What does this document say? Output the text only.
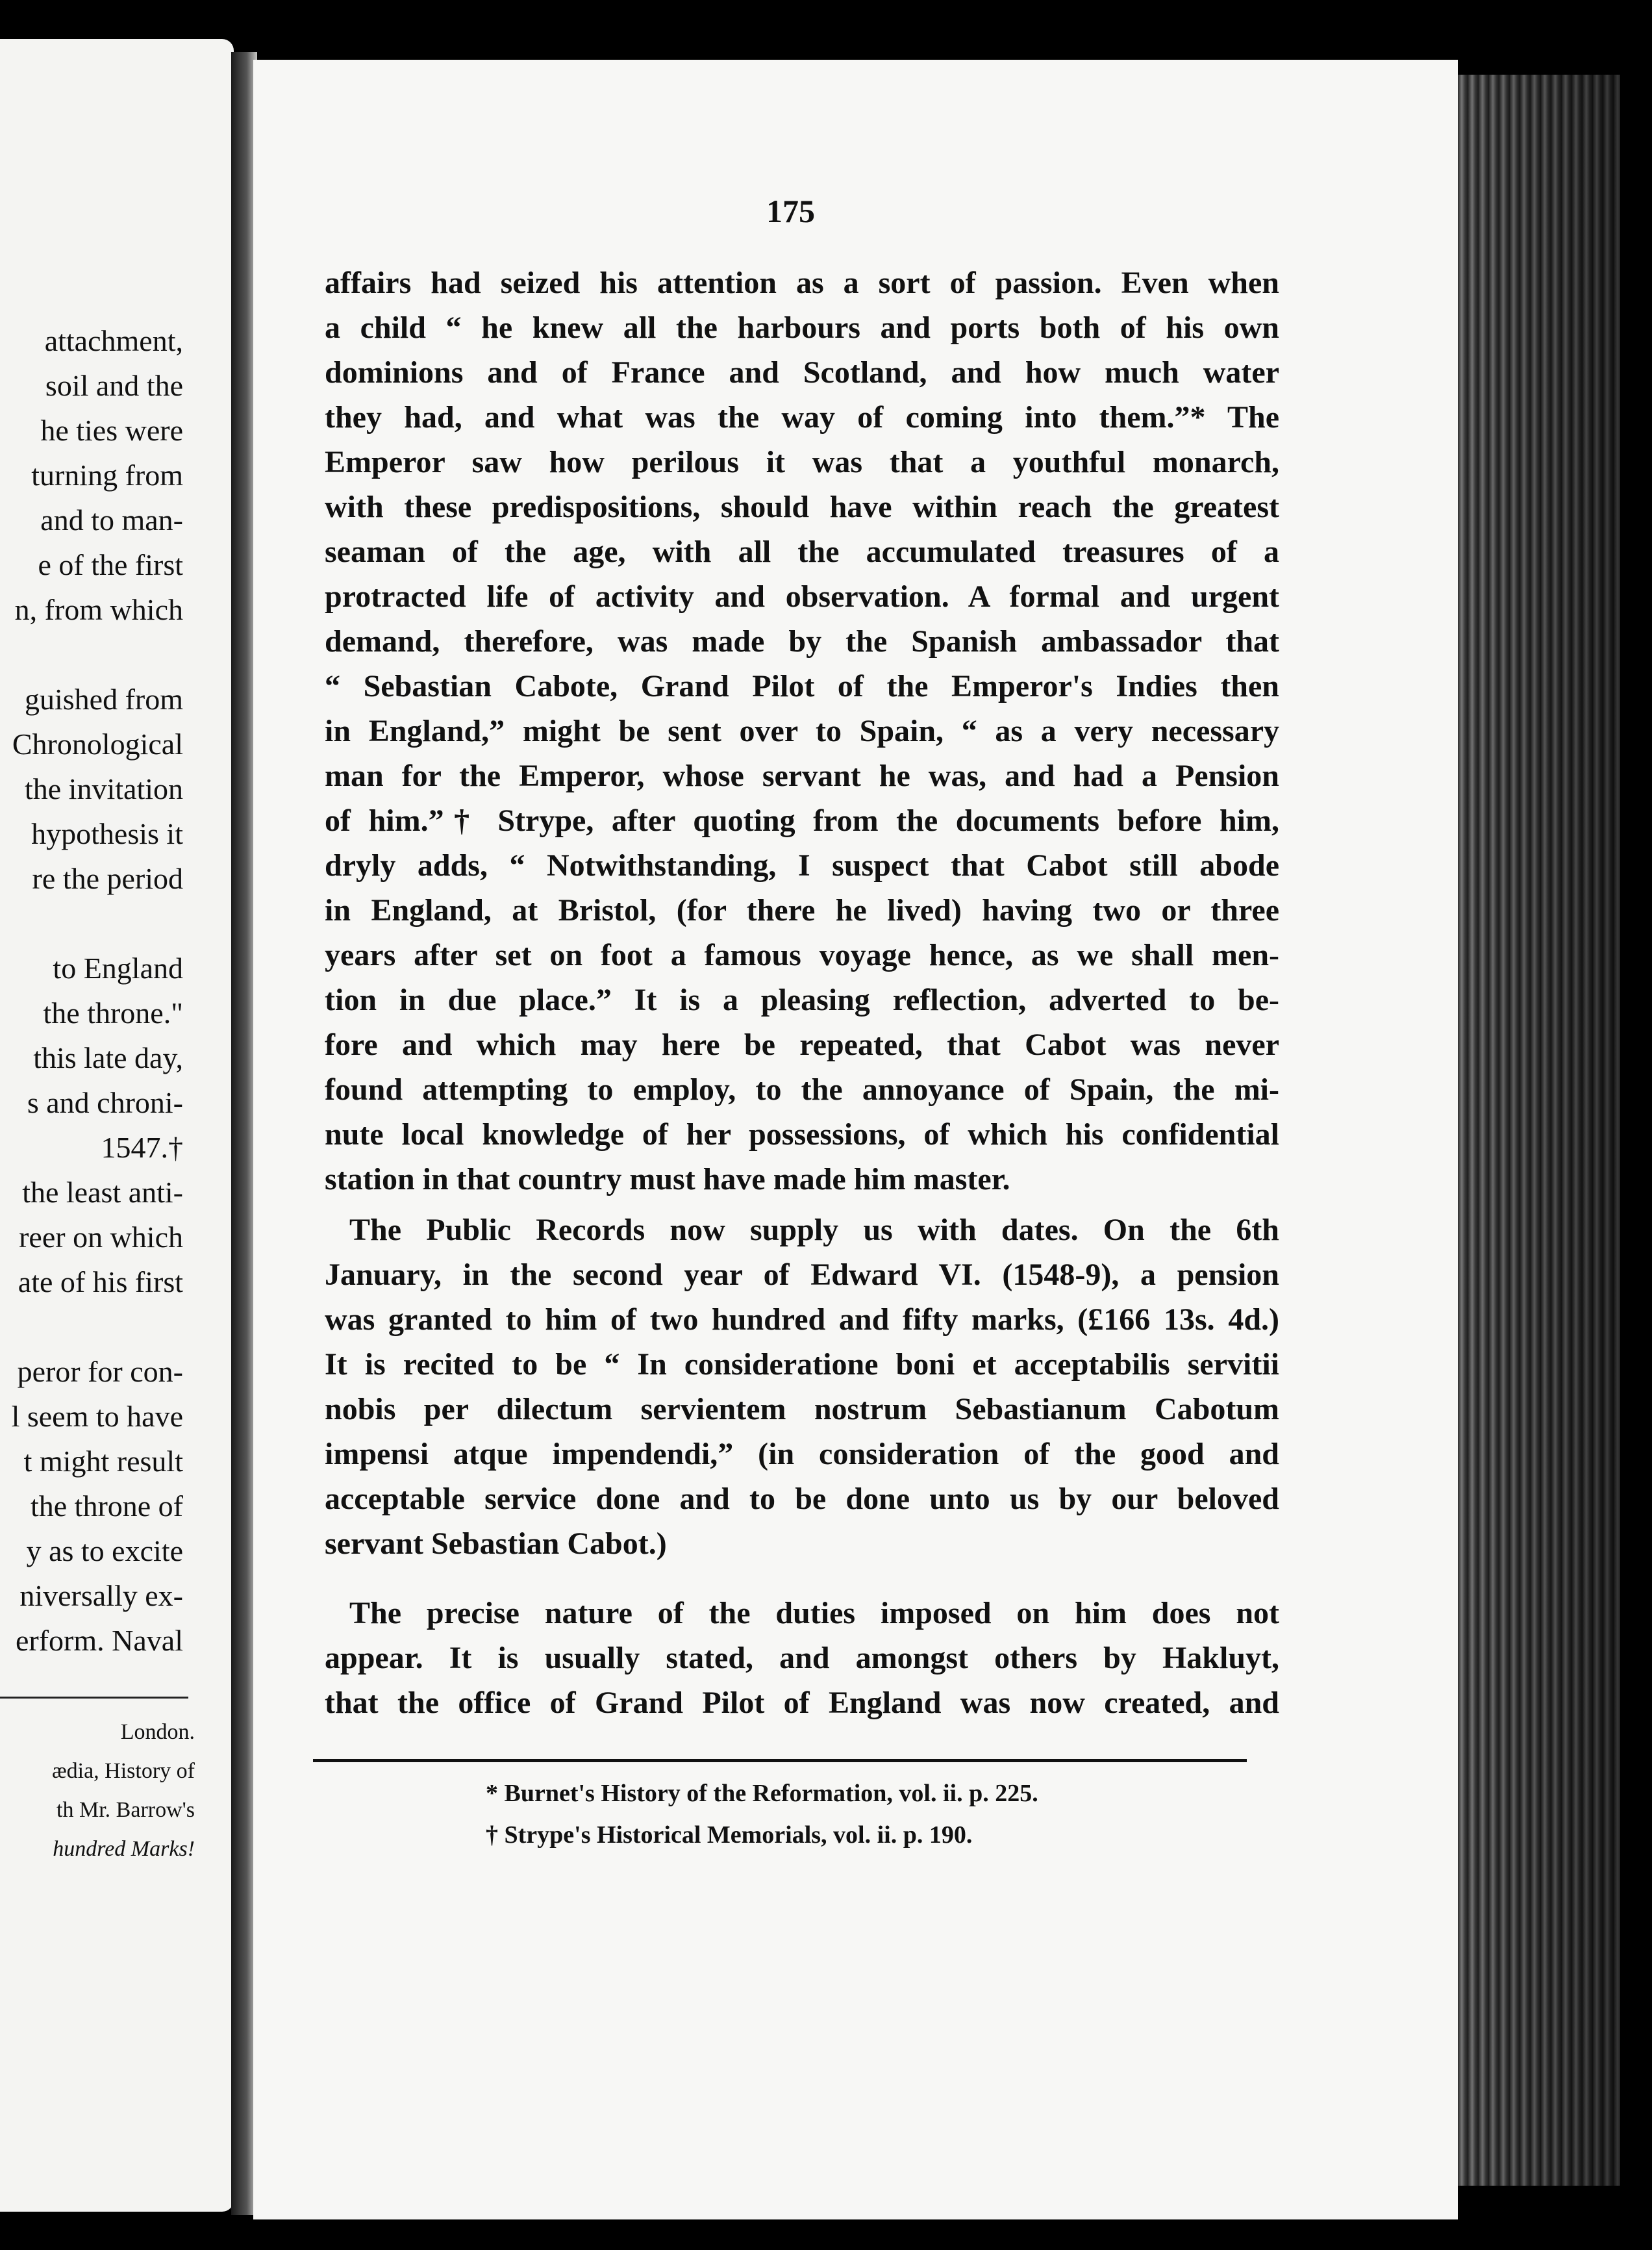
attachment,
soil and the
he ties were
turning from
and to man-
e of the first
n, from which
guished from
Chronological
the invitation
hypothesis it
re the period
to England
the throne."
this late day,
s and chroni-
1547.†
the least anti-
reer on which
ate of his first
peror for con-
l seem to have
t might result
the throne of
y as to excite
niversally ex-
erform. Naval
London.
ædia, History of
th Mr. Barrow's
hundred Marks!
175
affairs had seized his attention as a sort of passion. Even when
a child “ he knew all the harbours and ports both of his own
dominions and of France and Scotland, and how much water
they had, and what was the way of coming into them.”* The
Emperor saw how perilous it was that a youthful monarch,
with these predispositions, should have within reach the greatest
seaman of the age, with all the accumulated treasures of a
protracted life of activity and observation. A formal and urgent
demand, therefore, was made by the Spanish ambassador that
“ Sebastian Cabote, Grand Pilot of the Emperor's Indies then
in England,” might be sent over to Spain, “ as a very necessary
man for the Emperor, whose servant he was, and had a Pension
of him.”† Strype, after quoting from the documents before him,
dryly adds, “ Notwithstanding, I suspect that Cabot still abode
in England, at Bristol, (for there he lived) having two or three
years after set on foot a famous voyage hence, as we shall men-
tion in due place.” It is a pleasing reflection, adverted to be-
fore and which may here be repeated, that Cabot was never
found attempting to employ, to the annoyance of Spain, the mi-
nute local knowledge of her possessions, of which his confidential
station in that country must have made him master.
The Public Records now supply us with dates. On the 6th
January, in the second year of Edward VI. (1548-9), a pension
was granted to him of two hundred and fifty marks, (£166 13s. 4d.)
It is recited to be “ In consideratione boni et acceptabilis servitii
nobis per dilectum servientem nostrum Sebastianum Cabotum
impensi atque impendendi,” (in consideration of the good and
acceptable service done and to be done unto us by our beloved
servant Sebastian Cabot.)
The precise nature of the duties imposed on him does not
appear. It is usually stated, and amongst others by Hakluyt,
that the office of Grand Pilot of England was now created, and
* Burnet's History of the Reformation, vol. ii. p. 225.
† Strype's Historical Memorials, vol. ii. p. 190.
